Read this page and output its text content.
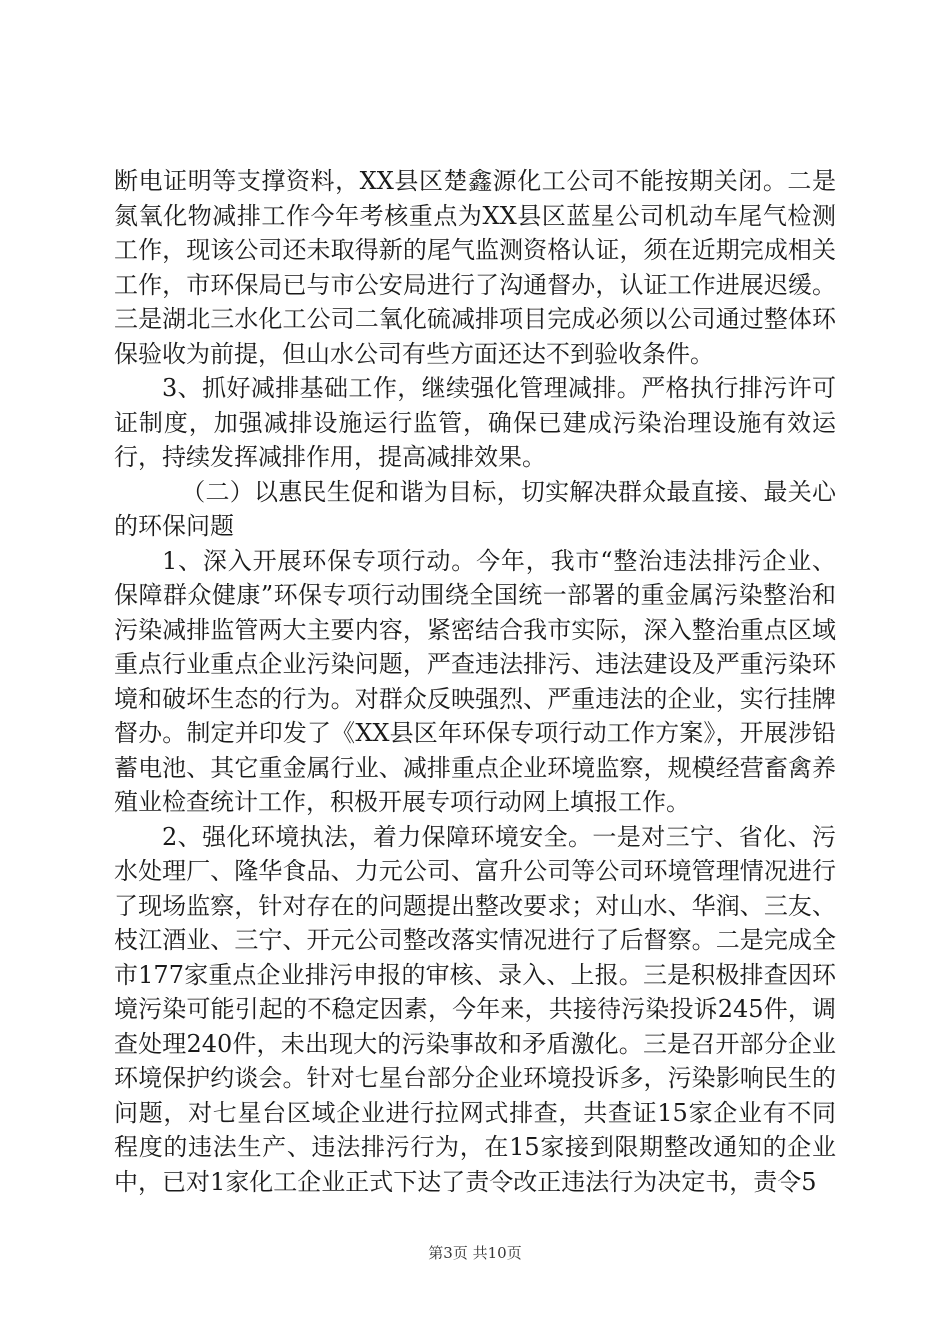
断电证明等支撑资料，XX县区楚鑫源化工公司不能按期关闭。二是氮氧化物减排工作今年考核重点为XX县区蓝星公司机动车尾气检测工作，现该公司还未取得新的尾气监测资格认证，须在近期完成相关工作，市环保局已与市公安局进行了沟通督办，认证工作进展迟缓。三是湖北三水化工公司二氧化硫减排项目完成必须以公司通过整体环保验收为前提，但山水公司有些方面还达不到验收条件。

3、抓好减排基础工作，继续强化管理减排。严格执行排污许可证制度，加强减排设施运行监管，确保已建成污染治理设施有效运行，持续发挥减排作用，提高减排效果。

（二）以惠民生促和谐为目标，切实解决群众最直接、最关心的环保问题

1、深入开展环保专项行动。今年，我市“整治违法排污企业、保障群众健康”环保专项行动围绕全国统一部署的重金属污染整治和污染减排监管两大主要内容，紧密结合我市实际，深入整治重点区域重点行业重点企业污染问题，严查违法排污、违法建设及严重污染环境和破坏生态的行为。对群众反映强烈、严重违法的企业，实行挂牌督办。制定并印发了《XX县区年环保专项行动工作方案》，开展涉铅蓄电池、其它重金属行业、减排重点企业环境监察，规模经营畜禽养殖业检查统计工作，积极开展专项行动网上填报工作。

2、强化环境执法，着力保障环境安全。一是对三宁、省化、污水处理厂、隆华食品、力元公司、富升公司等公司环境管理情况进行了现场监察，针对存在的问题提出整改要求；对山水、华润、三友、枝江酒业、三宁、开元公司整改落实情况进行了后督察。二是完成全市177家重点企业排污申报的审核、录入、上报。三是积极排查因环境污染可能引起的不稳定因素，今年来，共接待污染投诉245件，调查处理240件，未出现大的污染事故和矛盾激化。三是召开部分企业环境保护约谈会。针对七星台部分企业环境投诉多，污染影响民生的问题，对七星台区域企业进行拉网式排查，共查证15家企业有不同程度的违法生产、违法排污行为，在15家接到限期整改通知的企业中，已对1家化工企业正式下达了责令改正违法行为决定书，责令5

第3页 共10页
